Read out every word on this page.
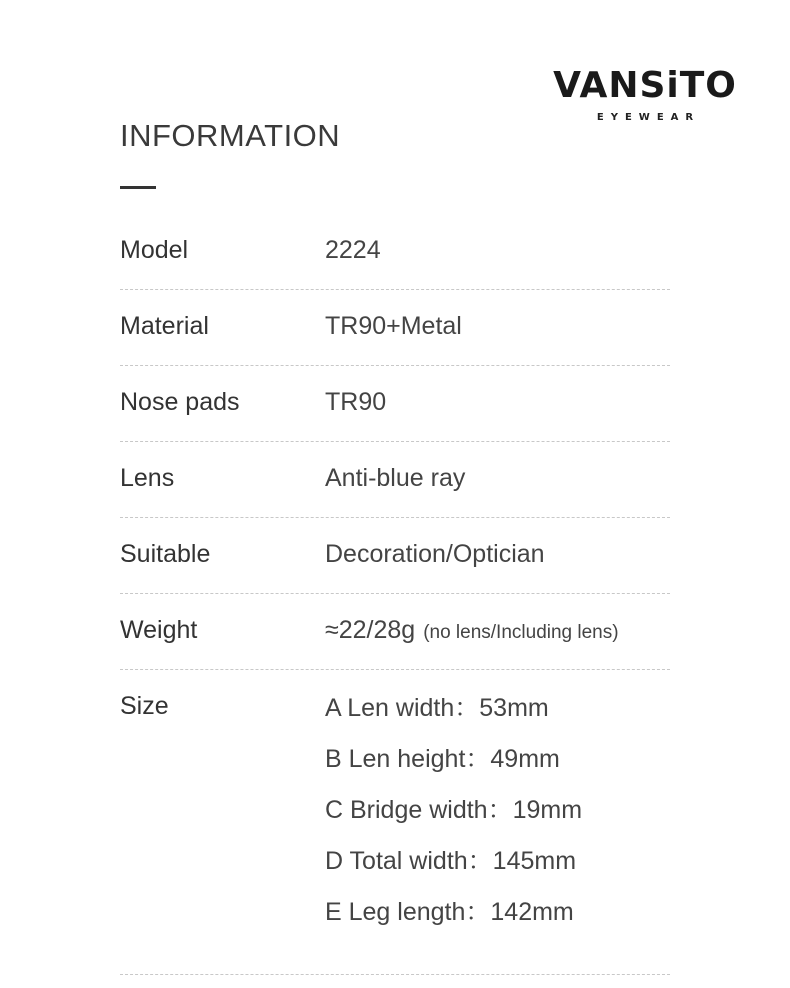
VANSiTO
EYEWEAR
INFORMATION
Model	2224
Material	TR90+Metal
Nose pads	TR90
Lens	Anti-blue ray
Suitable	Decoration/Optician
Weight	≈22/28g (no lens/Including lens)
Size	A Len width：53mm
B Len height：49mm
C Bridge width：19mm
D Total width：145mm
E Leg length：142mm
